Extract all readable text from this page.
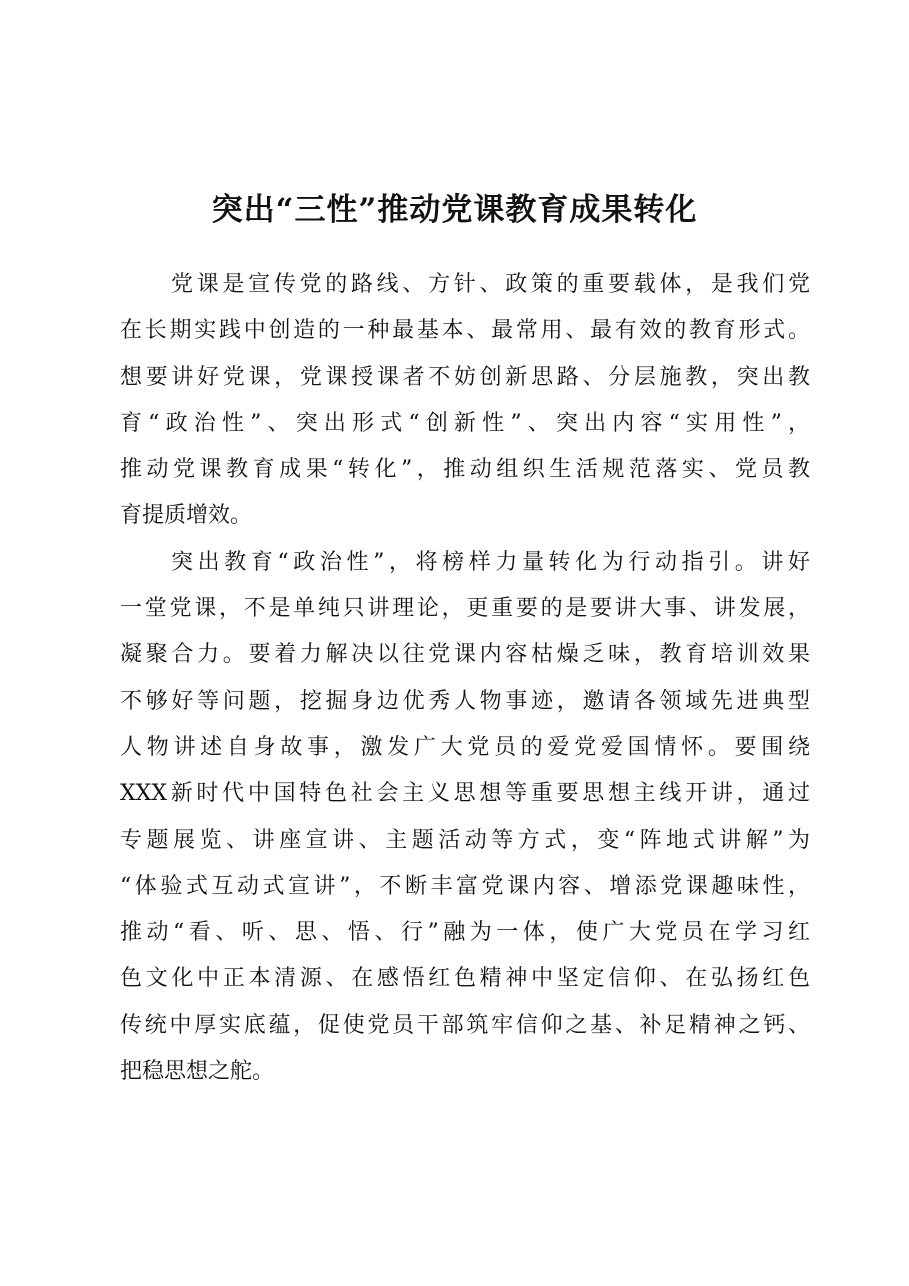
突出“三性”推动党课教育成果转化
党课是宣传党的路线、方针、政策的重要载体，是我们党
在长期实践中创造的一种最基本、最常用、最有效的教育形式。
想要讲好党课，党课授课者不妨创新思路、分层施教，突出教
育“政治性”、突出形式“创新性”、突出内容“实用性”，
推动党课教育成果“转化”，推动组织生活规范落实、党员教
育提质增效。
突出教育“政治性”，将榜样力量转化为行动指引。讲好
一堂党课，不是单纯只讲理论，更重要的是要讲大事、讲发展，
凝聚合力。要着力解决以往党课内容枯燥乏味，教育培训效果
不够好等问题，挖掘身边优秀人物事迹，邀请各领域先进典型
人物讲述自身故事，激发广大党员的爱党爱国情怀。要围绕
XXX新时代中国特色社会主义思想等重要思想主线开讲，通过
专题展览、讲座宣讲、主题活动等方式，变“阵地式讲解”为
“体验式互动式宣讲”，不断丰富党课内容、增添党课趣味性，
推动“看、听、思、悟、行”融为一体，使广大党员在学习红
色文化中正本清源、在感悟红色精神中坚定信仰、在弘扬红色
传统中厚实底蕴，促使党员干部筑牢信仰之基、补足精神之钙、
把稳思想之舵。
